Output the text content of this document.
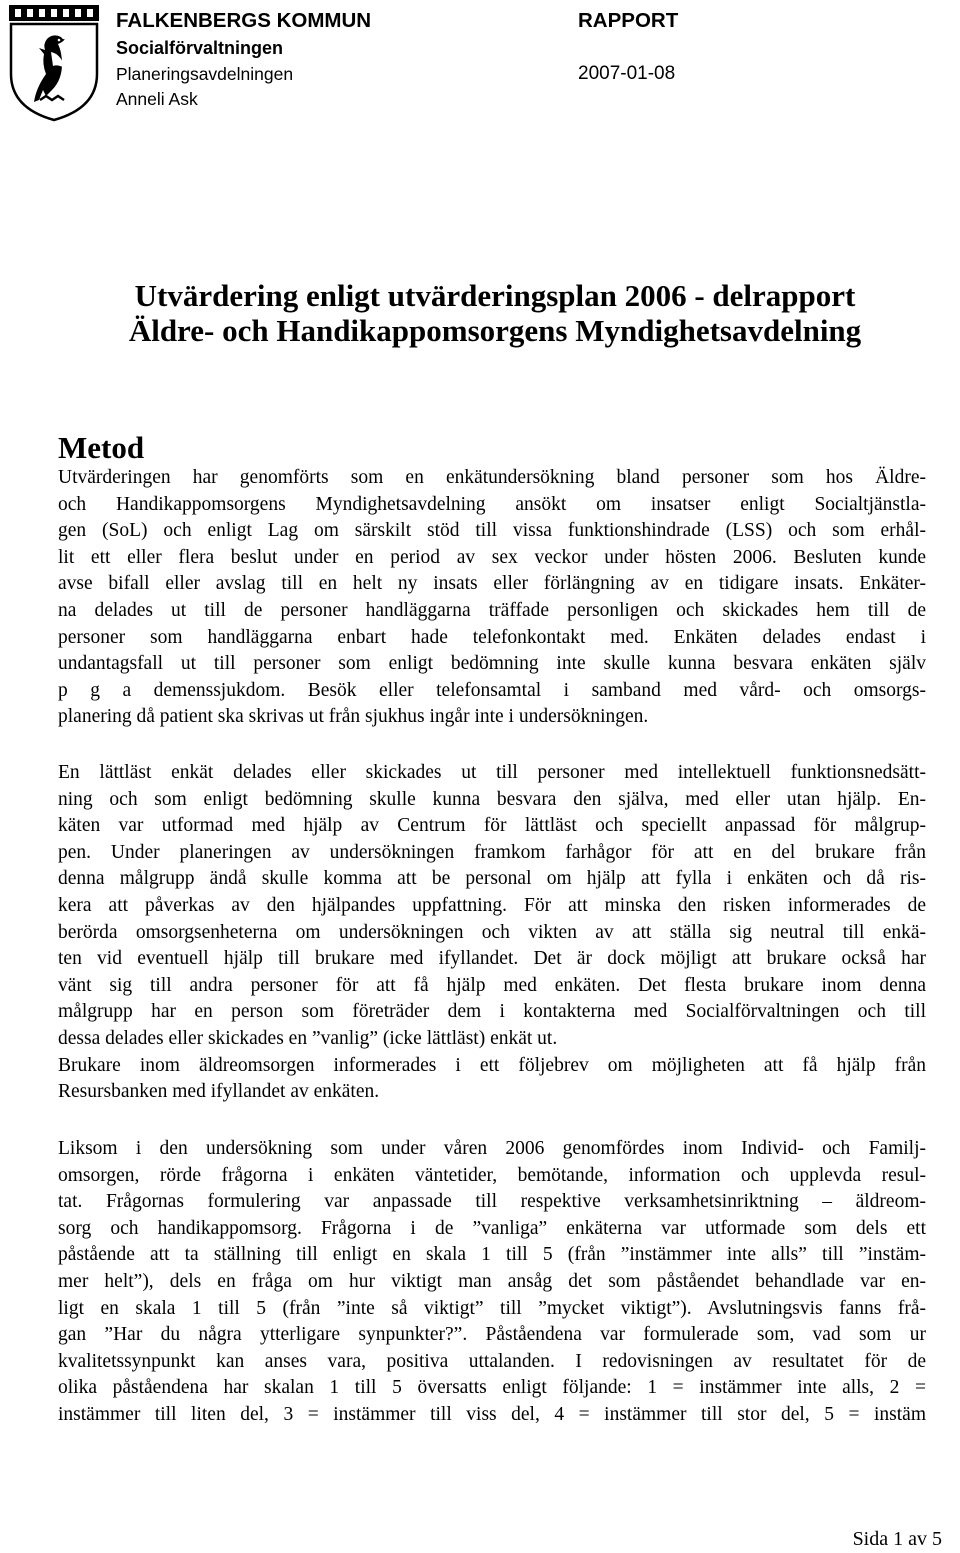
FALKENBERGS KOMMUN
Socialförvaltningen
Planeringsavdelningen
Anneli Ask
RAPPORT
2007-01-08
Utvärdering enligt utvärderingsplan 2006 - delrapport
Äldre- och Handikappomsorgens Myndighetsavdelning
Metod

Utvärderingen har genomförts som en enkätundersökning bland personer som hos Äldre-
och Handikappomsorgens Myndighetsavdelning ansökt om insatser enligt Socialtjänstla-
gen (SoL) och enligt Lag om särskilt stöd till vissa funktionshindrade (LSS) och som erhål-
lit ett eller flera beslut under en period av sex veckor under hösten 2006. Besluten kunde
avse bifall eller avslag till en helt ny insats eller förlängning av en tidigare insats. Enkäter-
na delades ut till de personer handläggarna träffade personligen och skickades hem till de
personer som handläggarna enbart hade telefonkontakt med. Enkäten delades endast i
undantagsfall ut till personer som enligt bedömning inte skulle kunna besvara enkäten själv
p g a demenssjukdom. Besök eller telefonsamtal i samband med vård- och omsorgs-
planering då patient ska skrivas ut från sjukhus ingår inte i undersökningen.

En lättläst enkät delades eller skickades ut till personer med intellektuell funktionsnedsätt-
ning och som enligt bedömning skulle kunna besvara den själva, med eller utan hjälp. En-
käten var utformad med hjälp av Centrum för lättläst och speciellt anpassad för målgrup-
pen. Under planeringen av undersökningen framkom farhågor för att en del brukare från
denna målgrupp ändå skulle komma att be personal om hjälp att fylla i enkäten och då ris-
kera att påverkas av den hjälpandes uppfattning. För att minska den risken informerades de
berörda omsorgsenheterna om undersökningen och vikten av att ställa sig neutral till enkä-
ten vid eventuell hjälp till brukare med ifyllandet. Det är dock möjligt att brukare också har
vänt sig till andra personer för att få hjälp med enkäten. Det flesta brukare inom denna
målgrupp har en person som företräder dem i kontakterna med Socialförvaltningen och till
dessa delades eller skickades en ”vanlig” (icke lättläst) enkät ut.
Brukare inom äldreomsorgen informerades i ett följebrev om möjligheten att få hjälp från
Resursbanken med ifyllandet av enkäten.

Liksom i den undersökning som under våren 2006 genomfördes inom Individ- och Familj-
omsorgen, rörde frågorna i enkäten väntetider, bemötande, information och upplevda resul-
tat. Frågornas formulering var anpassade till respektive verksamhetsinriktning – äldreom-
sorg och handikappomsorg. Frågorna i de ”vanliga” enkäterna var utformade som dels ett
påstående att ta ställning till enligt en skala 1 till 5 (från ”instämmer inte alls” till ”instäm-
mer helt”), dels en fråga om hur viktigt man ansåg det som påståendet behandlade var en-
ligt en skala 1 till 5 (från ”inte så viktigt” till ”mycket viktigt”). Avslutningsvis fanns frå-
gan ”Har du några ytterligare synpunkter?”. Påståendena var formulerade som, vad som ur
kvalitetssynpunkt kan anses vara, positiva uttalanden. I redovisningen av resultatet för de
olika påståendena har skalan 1 till 5 översatts enligt följande: 1 = instämmer inte alls, 2 =
instämmer till liten del, 3 = instämmer till viss del, 4 = instämmer till stor del, 5 = instäm

Sida 1 av 5
